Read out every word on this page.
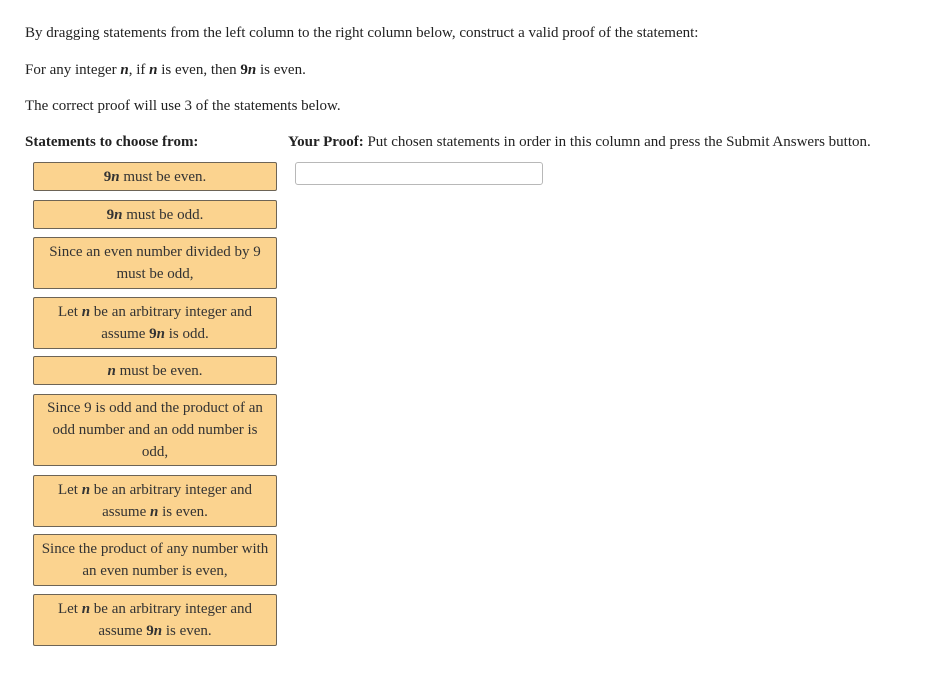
By dragging statements from the left column to the right column below, construct a valid proof of the statement:
For any integer n, if n is even, then 9n is even.
The correct proof will use 3 of the statements below.
Statements to choose from:	Your Proof: Put chosen statements in order in this column and press the Submit Answers button.
9n must be even.
9n must be odd.
Since an even number divided by 9 must be odd,
Let n be an arbitrary integer and assume 9n is odd.
n must be even.
Since 9 is odd and the product of an odd number and an odd number is odd,
Let n be an arbitrary integer and assume n is even.
Since the product of any number with an even number is even,
Let n be an arbitrary integer and assume 9n is even.
